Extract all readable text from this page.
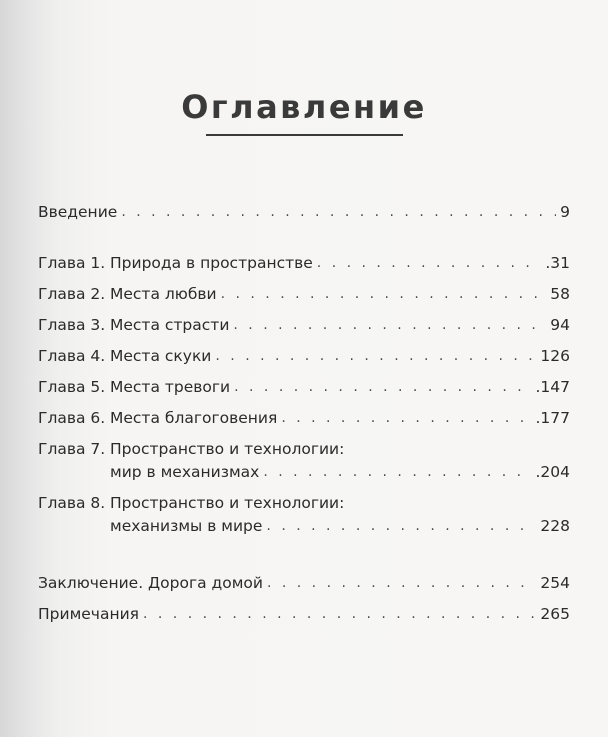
Оглавление
Введение . . .	9
Глава 1. Природа в пространстве . . .	.31
Глава 2. Места любви . . .	58
Глава 3. Места страсти . . .	94
Глава 4. Места скуки . . .	126
Глава 5. Места тревоги . . .	.147
Глава 6. Места благоговения . . .	.177
Глава 7. Пространство и технологии:
мир в механизмах . . .	.204
Глава 8. Пространство и технологии:
механизмы в мире . . .	228
Заключение. Дорога домой . . .	254
Примечания . . .	265
